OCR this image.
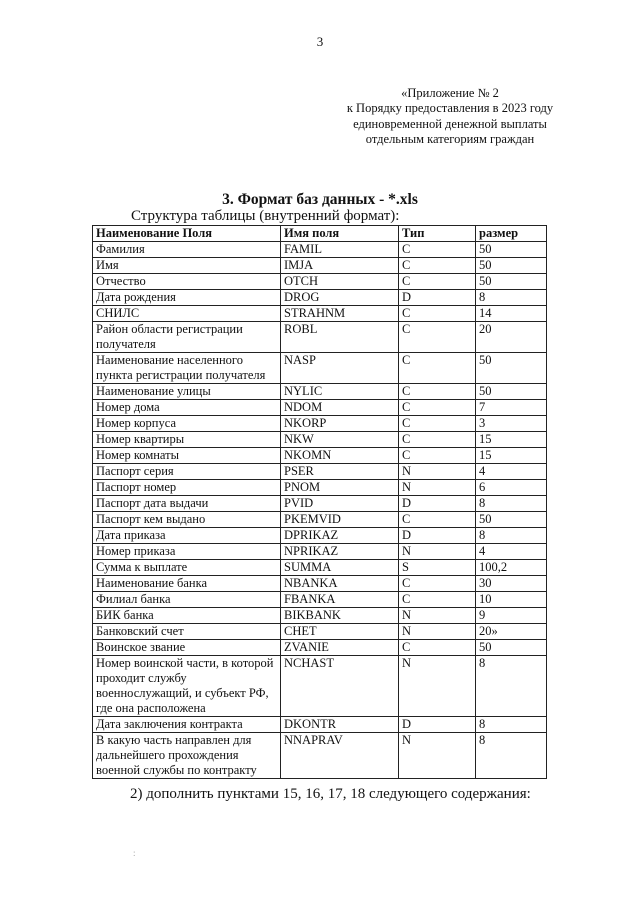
3
«Приложение № 2
к Порядку предоставления в 2023 году
единовременной денежной выплаты
отдельным категориям граждан
3. Формат баз данных - *.xls
Структура таблицы (внутренний формат):
Наименование Поля	Имя поля	Тип	размер
Фамилия	FAMIL	C	50
Имя	IMJA	C	50
Отчество	OTCH	C	50
Дата рождения	DROG	D	8
СНИЛС	STRAHNM	C	14
Район области регистрации получателя	ROBL	C	20
Наименование населенного пункта регистрации получателя	NASP	C	50
Наименование улицы	NYLIC	C	50
Номер дома	NDOM	C	7
Номер корпуса	NKORP	C	3
Номер квартиры	NKW	C	15
Номер комнаты	NKOMN	C	15
Паспорт серия	PSER	N	4
Паспорт номер	PNOM	N	6
Паспорт дата выдачи	PVID	D	8
Паспорт кем выдано	PKEMVID	C	50
Дата приказа	DPRIKAZ	D	8
Номер приказа	NPRIKAZ	N	4
Сумма к выплате	SUMMA	S	100,2
Наименование банка	NBANKA	C	30
Филиал банка	FBANKA	C	10
БИК банка	BIKBANK	N	9
Банковский счет	CHET	N	20»
Воинское звание	ZVANIE	C	50
Номер воинской части, в которой проходит службу военнослужащий, и субъект РФ, где она расположена	NCHAST	N	8
Дата заключения контракта	DKONTR	D	8
В какую часть направлен для дальнейшего прохождения военной службы по контракту	NNAPRAV	N	8
2) дополнить пунктами 15, 16, 17, 18 следующего содержания:
:
